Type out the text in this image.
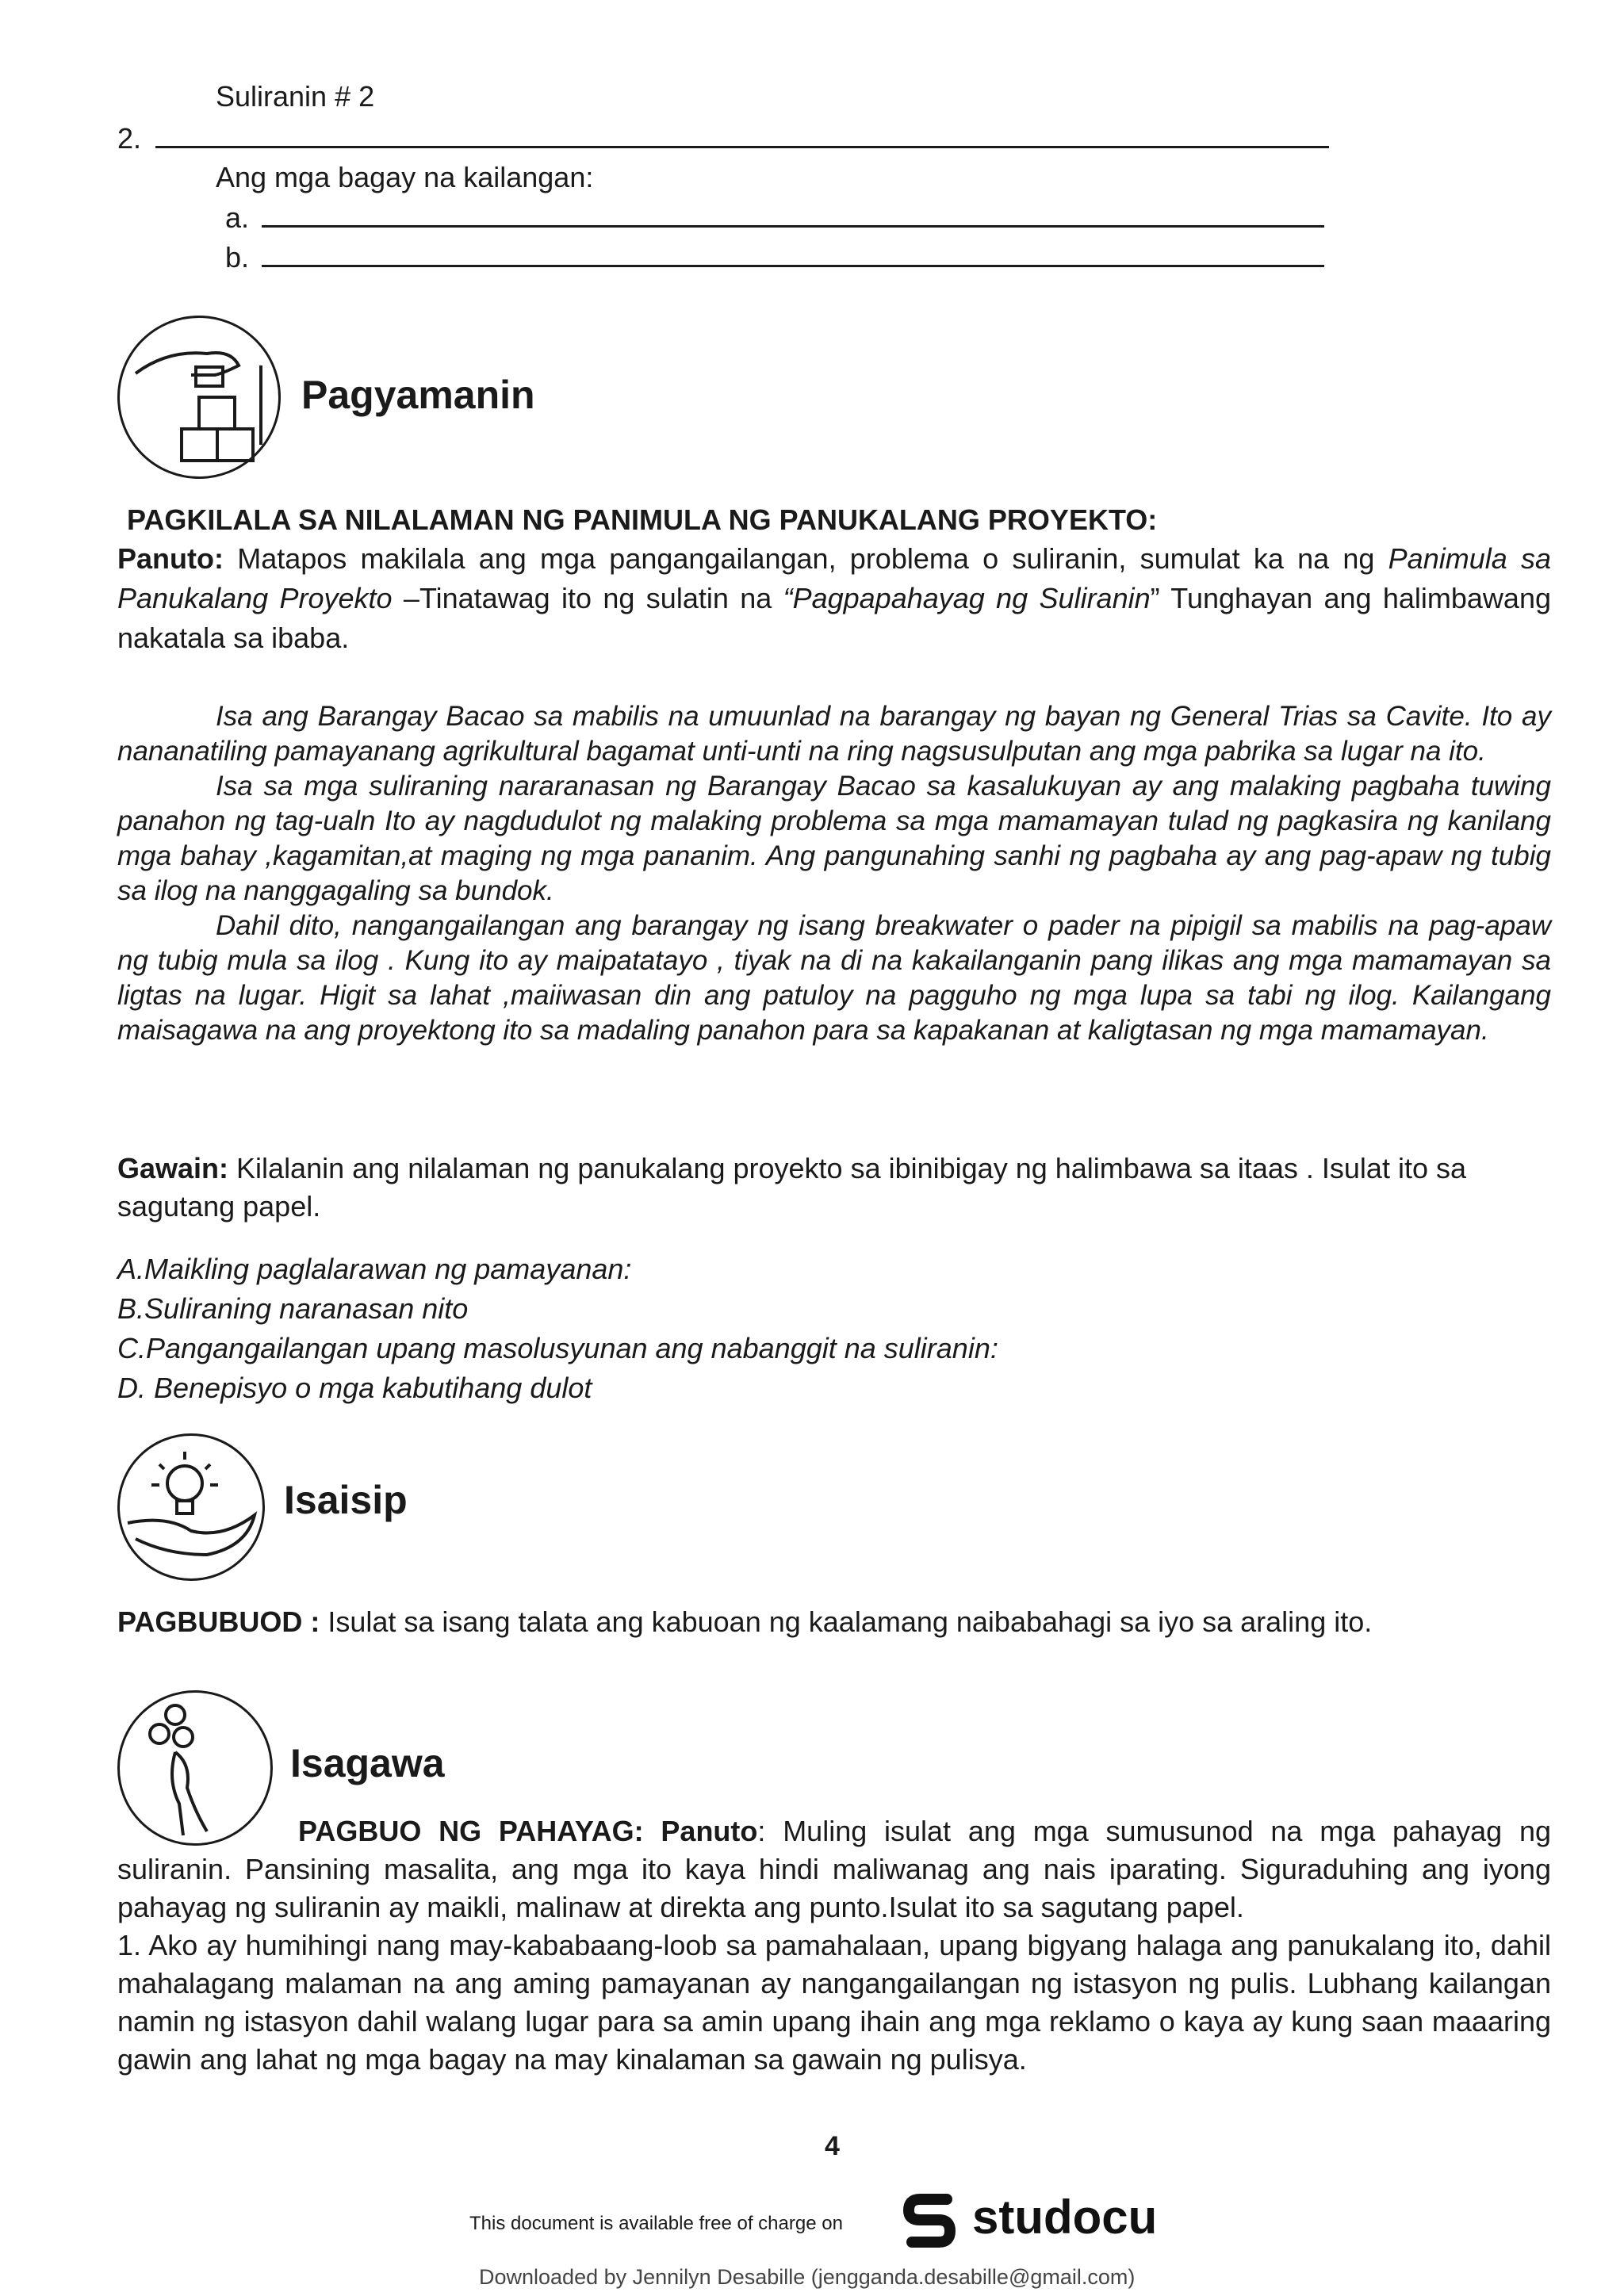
Suliranin # 2
2.
Ang mga bagay na kailangan:
a.
b.
Pagyamanin
PAGKILALA SA NILALAMAN NG PANIMULA NG PANUKALANG PROYEKTO:
Panuto: Matapos makilala ang mga pangangailangan, problema o suliranin, sumulat ka na ng Panimula sa Panukalang Proyekto –Tinatawag ito ng sulatin na “Pagpapahayag ng Suliranin” Tunghayan ang halimbawang nakatala sa ibaba.
Isa ang Barangay Bacao sa mabilis na umuunlad na barangay ng bayan ng General Trias sa Cavite. Ito ay nananatiling pamayanang agrikultural bagamat unti-unti na ring nagsusulputan ang mga pabrika sa lugar na ito.
Isa sa mga suliraning nararanasan ng Barangay Bacao sa kasalukuyan ay ang malaking pagbaha tuwing panahon ng tag-ualn Ito ay nagdudulot ng malaking problema sa mga mamamayan tulad ng pagkasira ng kanilang mga bahay ,kagamitan,at maging ng mga pananim. Ang pangunahing sanhi ng pagbaha ay ang pag-apaw ng tubig sa ilog na nanggagaling sa bundok.
Dahil dito, nangangailangan ang barangay ng isang breakwater o pader na pipigil sa mabilis na pag-apaw ng tubig mula sa ilog . Kung ito ay maipatatayo , tiyak na di na kakailanganin pang ilikas ang mga mamamayan sa ligtas na lugar. Higit sa lahat ,maiiwasan din ang patuloy na pagguho ng mga lupa sa tabi ng ilog. Kailangang maisagawa na ang proyektong ito sa madaling panahon para sa kapakanan at kaligtasan ng mga mamamayan.
Gawain: Kilalanin ang nilalaman ng panukalang proyekto sa ibinibigay ng halimbawa sa itaas . Isulat ito sa sagutang papel.
A.Maikling paglalarawan ng pamayanan:
B.Suliraning naranasan nito
C.Pangangailangan upang masolusyunan ang nabanggit na suliranin:
D. Benepisyo o mga kabutihang dulot
Isaisip
PAGBUBUOD : Isulat sa isang talata ang kabuoan ng kaalamang naibabahagi sa iyo sa araling ito.
Isagawa
PAGBUO NG PAHAYAG: Panuto: Muling isulat ang mga sumusunod na mga pahayag ng suliranin. Pansining masalita, ang mga ito kaya hindi maliwanag ang nais iparating. Siguraduhing ang iyong pahayag ng suliranin ay maikli, malinaw at direkta ang punto.Isulat ito sa sagutang papel.
1. Ako ay humihingi nang may-kababaang-loob sa pamahalaan, upang bigyang halaga ang panukalang ito, dahil mahalagang malaman na ang aming pamayanan ay nangangailangan ng istasyon ng pulis. Lubhang kailangan namin ng istasyon dahil walang lugar para sa amin upang ihain ang mga reklamo o kaya ay kung saan maaaring gawin ang lahat ng mga bagay na may kinalaman sa gawain ng pulisya.
4
This document is available free of charge on	studocu
Downloaded by Jennilyn Desabille (jengganda.desabille@gmail.com)
